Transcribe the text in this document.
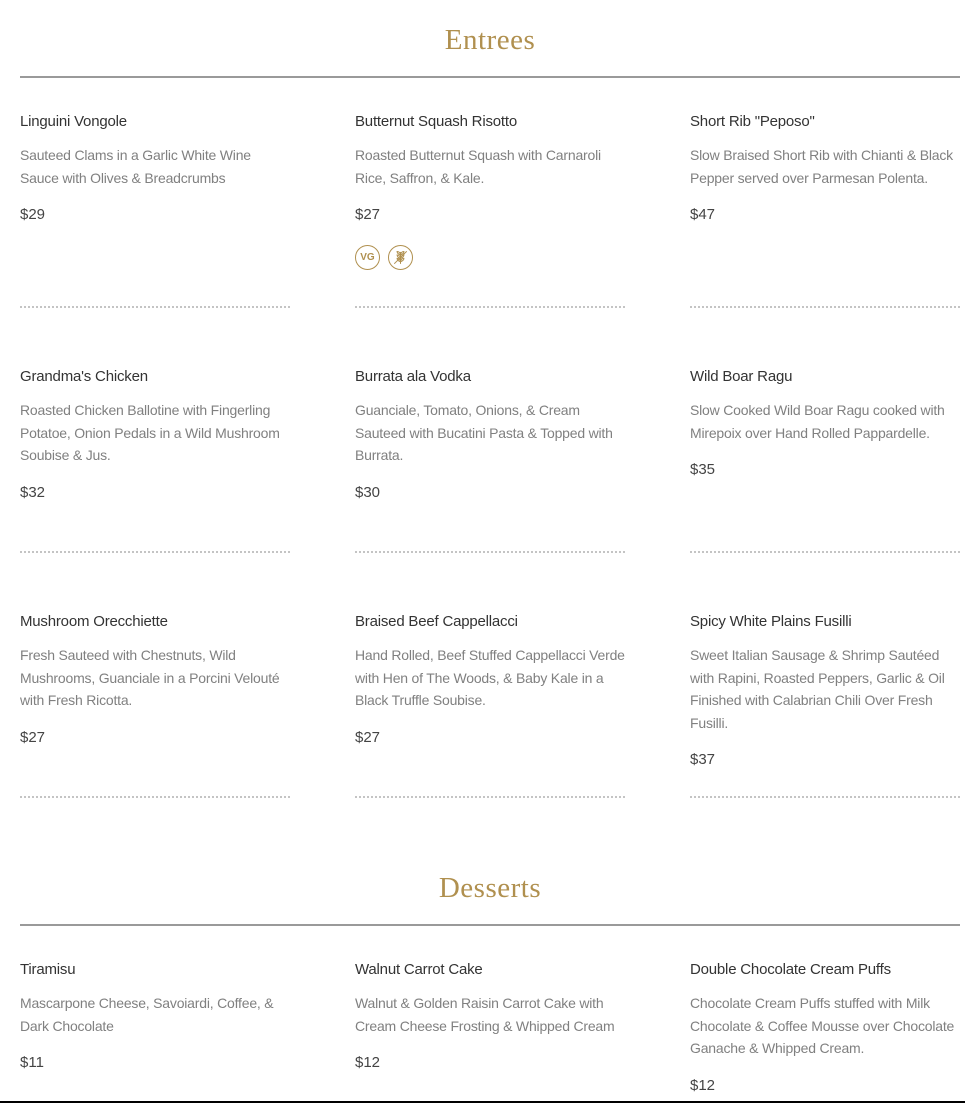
Entrees
Linguini Vongole
Sauteed Clams in a Garlic White Wine Sauce with Olives & Breadcrumbs
$29
Butternut Squash Risotto
Roasted Butternut Squash with Carnaroli Rice, Saffron, & Kale.
$27
VG
Short Rib "Peposo"
Slow Braised Short Rib with Chianti & Black Pepper served over Parmesan Polenta.
$47
Grandma's Chicken
Roasted Chicken Ballotine with Fingerling Potatoe, Onion Pedals in a Wild Mushroom Soubise & Jus.
$32
Burrata ala Vodka
Guanciale, Tomato, Onions, & Cream Sauteed with Bucatini Pasta & Topped with Burrata.
$30
Wild Boar Ragu
Slow Cooked Wild Boar Ragu cooked with Mirepoix over Hand Rolled Pappardelle.
$35
Mushroom Orecchiette
Fresh Sauteed with Chestnuts, Wild Mushrooms, Guanciale in a Porcini Velouté with Fresh Ricotta.
$27
Braised Beef Cappellacci
Hand Rolled, Beef Stuffed Cappellacci Verde with Hen of The Woods, & Baby Kale in a Black Truffle Soubise.
$27
Spicy White Plains Fusilli
Sweet Italian Sausage & Shrimp Sautéed with Rapini, Roasted Peppers, Garlic & Oil Finished with Calabrian Chili Over Fresh Fusilli.
$37
Desserts
Tiramisu
Mascarpone Cheese, Savoiardi, Coffee, & Dark Chocolate
$11
Walnut Carrot Cake
Walnut & Golden Raisin Carrot Cake with Cream Cheese Frosting & Whipped Cream
$12
Double Chocolate Cream Puffs
Chocolate Cream Puffs stuffed with Milk Chocolate & Coffee Mousse over Chocolate Ganache & Whipped Cream.
$12
